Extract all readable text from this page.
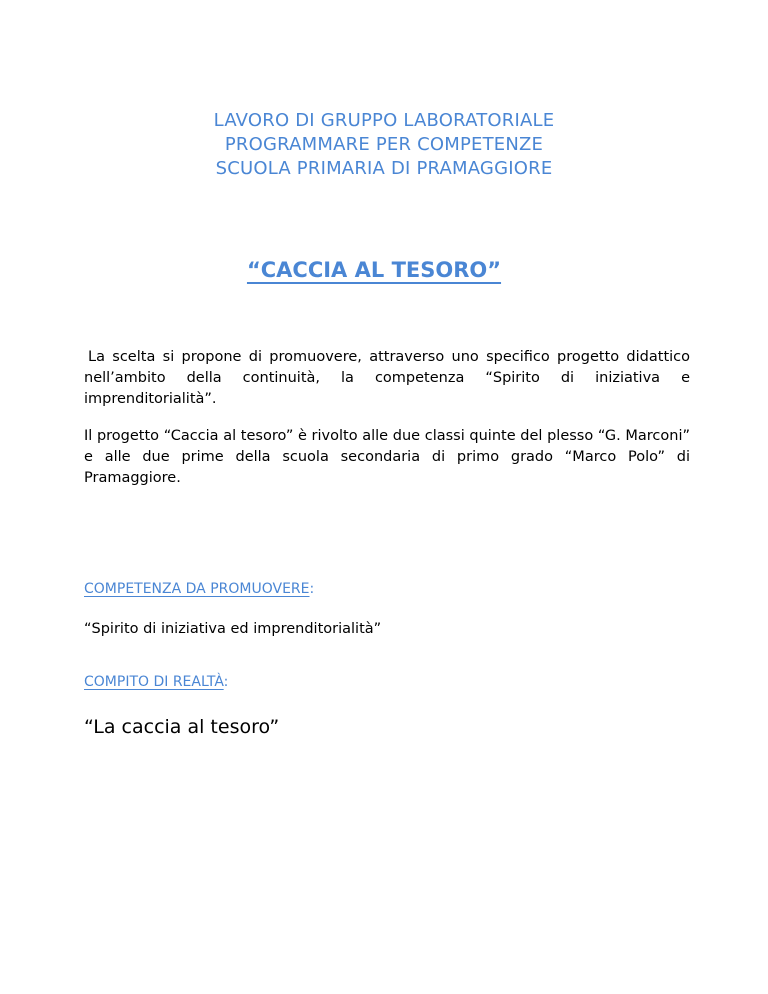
LAVORO DI GRUPPO LABORATORIALE
PROGRAMMARE PER COMPETENZE
SCUOLA PRIMARIA DI PRAMAGGIORE
“CACCIA AL TESORO”
La scelta si propone di promuovere, attraverso uno specifico progetto didattico nell’ambito della continuità, la competenza “Spirito di iniziativa e imprenditorialità”.
Il progetto “Caccia al tesoro” è rivolto alle due classi quinte del plesso “G. Marconi” e alle due prime della scuola secondaria di primo grado “Marco Polo” di Pramaggiore.
COMPETENZA DA PROMUOVERE:
“Spirito di iniziativa ed imprenditorialità”
COMPITO DI REALTÀ:
“La caccia al tesoro”
